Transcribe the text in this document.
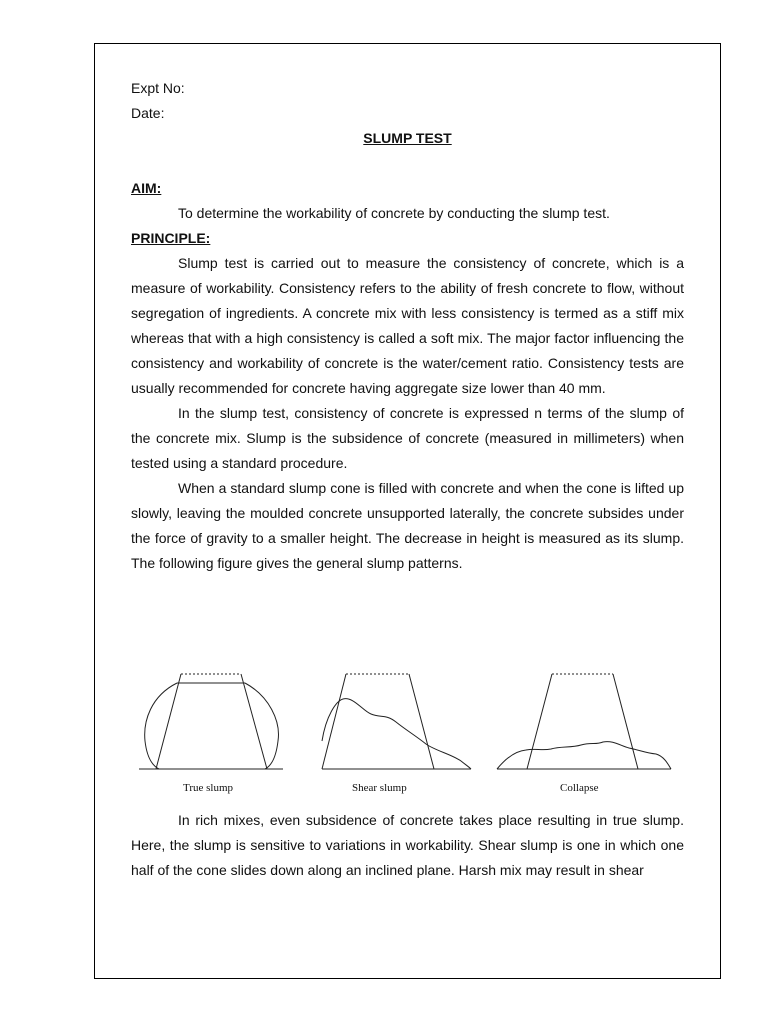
Expt No:

Date:

SLUMP TEST

AIM:

To determine the workability of concrete by conducting the slump test.

PRINCIPLE:

Slump test is carried out to measure the consistency of concrete, which is a measure of workability. Consistency refers to the ability of fresh concrete to flow, without segregation of ingredients. A concrete mix with less consistency is termed as a stiff mix whereas that with a high consistency is called a soft mix. The major factor influencing the consistency and workability of concrete is the water/cement ratio. Consistency tests are usually recommended for concrete having aggregate size lower than 40 mm.

In the slump test, consistency of concrete is expressed n terms of the slump of the concrete mix. Slump is the subsidence of concrete (measured in millimeters) when tested using a standard procedure.

When a standard slump cone is filled with concrete and when the cone is lifted up slowly, leaving the moulded concrete unsupported laterally, the concrete subsides under the force of gravity to a smaller height. The decrease in height is measured as its slump. The following figure gives the general slump patterns.

True slump	Shear slump	Collapse

In rich mixes, even subsidence of concrete takes place resulting in true slump. Here, the slump is sensitive to variations in workability. Shear slump is one in which one half of the cone slides down along an inclined plane. Harsh mix may result in shear
